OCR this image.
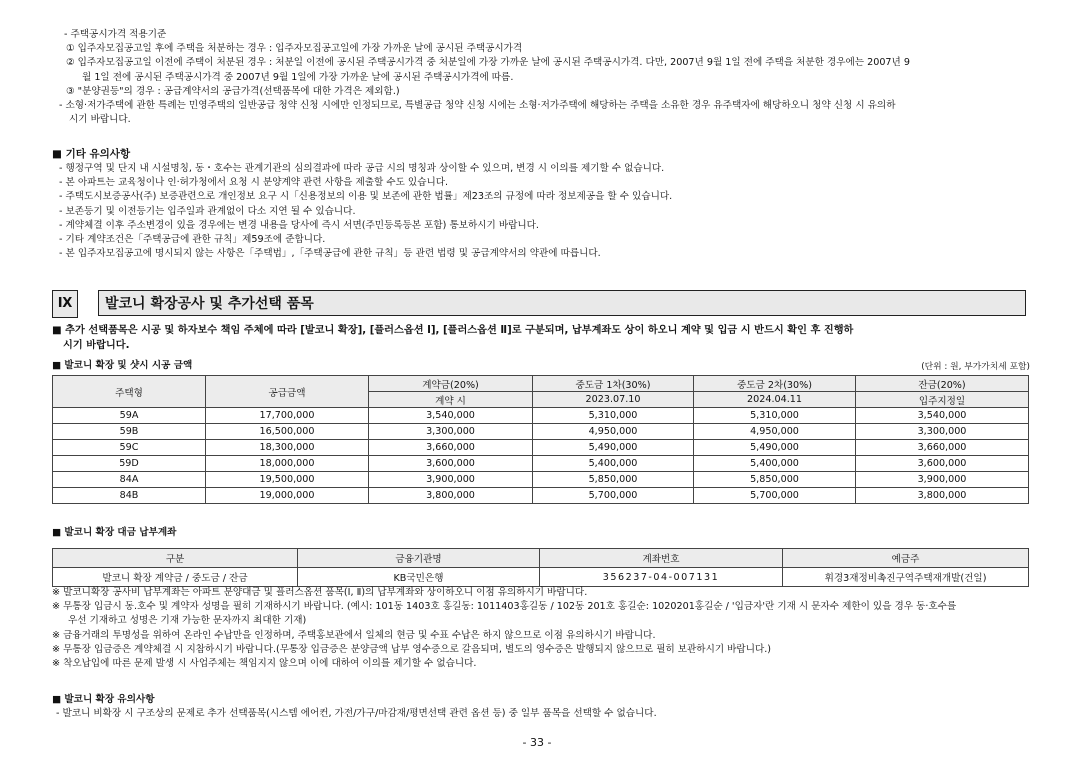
- 주택공시가격 적용기준
① 입주자모집공고일 후에 주택을 처분하는 경우 : 입주자모집공고일에 가장 가까운 날에 공시된 주택공시가격
② 입주자모집공고일 이전에 주택이 처분된 경우 : 처분일 이전에 공시된 주택공시가격 중 처분일에 가장 가까운 날에 공시된 주택공시가격. 다만, 2007년 9월 1일 전에 주택을 처분한 경우에는 2007년 9
월 1일 전에 공시된 주택공시가격 중 2007년 9월 1일에 가장 가까운 날에 공시된 주택공시가격에 따름.
③ "분양권등"의 경우 : 공급계약서의 공급가격(선택품목에 대한 가격은 제외함.)
- 소형·저가주택에 관한 특례는 민영주택의 일반공급 청약 신청 시에만 인정되므로, 특별공급 청약 신청 시에는 소형·저가주택에 해당하는 주택을 소유한 경우 유주택자에 해당하오니 청약 신청 시 유의하
시기 바랍니다.
■ 기타 유의사항
- 행정구역 및 단지 내 시설명칭, 동・호수는 관계기관의 심의결과에 따라 공급 시의 명칭과 상이할 수 있으며, 변경 시 이의를 제기할 수 없습니다.
- 본 아파트는 교육청이나 인·허가청에서 요청 시 분양계약 관련 사항을 제출할 수도 있습니다.
- 주택도시보증공사(주) 보증관련으로 개인정보 요구 시「신용정보의 이용 및 보존에 관한 법률」제23조의 규정에 따라 정보제공을 할 수 있습니다.
- 보존등기 및 이전등기는 입주일과 관계없이 다소 지연 될 수 있습니다.
- 계약체결 이후 주소변경이 있을 경우에는 변경 내용을 당사에 즉시 서면(주민등록등본 포함) 통보하시기 바랍니다.
- 기타 계약조건은「주택공급에 관한 규칙」제59조에 준합니다.
- 본 입주자모집공고에 명시되지 않는 사항은「주택법」,「주택공급에 관한 규칙」등 관련 법령 및 공급계약서의 약관에 따릅니다.
Ⅸ	발코니 확장공사 및 추가선택 품목
■ 추가 선택품목은 시공 및 하자보수 책임 주체에 따라 [발코니 확장], [플러스옵션 Ⅰ], [플러스옵션 Ⅱ]로 구분되며, 납부계좌도 상이 하오니 계약 및 입금 시 반드시 확인 후 진행하
시기 바랍니다.
■ 발코니 확장 및 샷시 시공 금액	(단위 : 원, 부가가치세 포함)
주택형	공급금액	계약금(20%)	중도금 1차(30%)	중도금 2차(30%)	잔금(20%)
		계약 시	2023.07.10	2024.04.11	입주지정일
59A	17,700,000	3,540,000	5,310,000	5,310,000	3,540,000
59B	16,500,000	3,300,000	4,950,000	4,950,000	3,300,000
59C	18,300,000	3,660,000	5,490,000	5,490,000	3,660,000
59D	18,000,000	3,600,000	5,400,000	5,400,000	3,600,000
84A	19,500,000	3,900,000	5,850,000	5,850,000	3,900,000
84B	19,000,000	3,800,000	5,700,000	5,700,000	3,800,000
■ 발코니 확장 대금 납부계좌
구분	금융기관명	계좌번호	예금주
발코니 확장 계약금 / 중도금 / 잔금	KB국민은행	356237-04-007131	휘경3재정비촉진구역주택재개발(건일)
※ 발코니확장 공사비 납부계좌는 아파트 분양대금 및 플러스옵션 품목(Ⅰ, Ⅱ)의 납부계좌와 상이하오니 이점 유의하시기 바랍니다.
※ 무통장 입금시 동.호수 및 계약자 성명을 필히 기재하시기 바랍니다. (예시: 101동 1403호 홍길동: 1011403홍길동 / 102동 201호 홍길순: 1020201홍길순 / '입금자'란 기재 시 문자수 제한이 있을 경우 동·호수를
우선 기재하고 성명은 기재 가능한 문자까지 최대한 기재)
※ 금융거래의 투명성을 위하여 온라인 수납만을 인정하며, 주택홍보관에서 일체의 현금 및 수표 수납은 하지 않으므로 이점 유의하시기 바랍니다.
※ 무통장 입금증은 계약체결 시 지참하시기 바랍니다.(무통장 입금증은 분양금액 납부 영수증으로 갈음되며, 별도의 영수증은 발행되지 않으므로 필히 보관하시기 바랍니다.)
※ 착오납입에 따른 문제 발생 시 사업주체는 책임지지 않으며 이에 대하여 이의를 제기할 수 없습니다.
■ 발코니 확장 유의사항
- 발코니 비확장 시 구조상의 문제로 추가 선택품목(시스템 에어컨, 가전/가구/마감재/평면선택 관련 옵션 등) 중 일부 품목을 선택할 수 없습니다.
- 33 -
